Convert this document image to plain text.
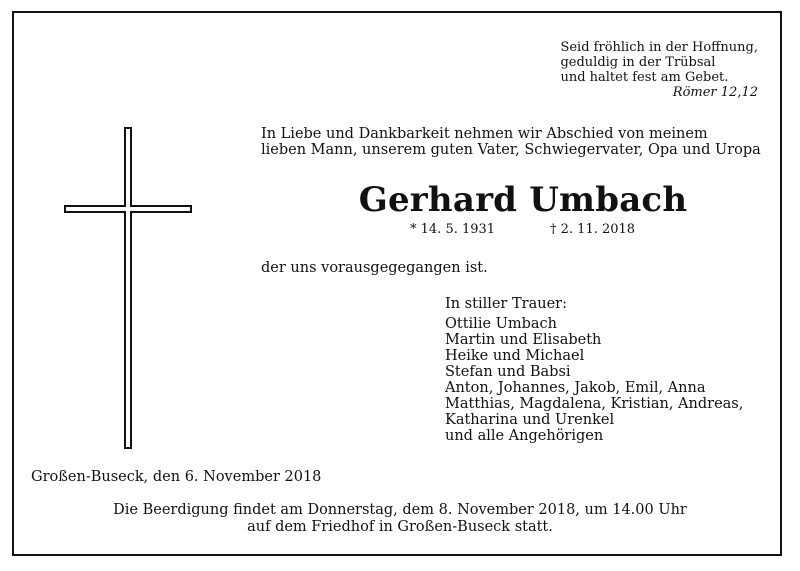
Seid fröhlich in der Hoffnung,
geduldig in der Trübsal
und haltet fest am Gebet.
Römer 12,12
In Liebe und Dankbarkeit nehmen wir Abschied von meinem
lieben Mann, unserem guten Vater, Schwiegervater, Opa und Uropa
Gerhard Umbach
* 14. 5. 1931	† 2. 11. 2018
der uns vorausgegegangen ist.
In stiller Trauer:
Ottilie Umbach
Martin und Elisabeth
Heike und Michael
Stefan und Babsi
Anton, Johannes, Jakob, Emil, Anna
Matthias, Magdalena, Kristian, Andreas,
Katharina und Urenkel
und alle Angehörigen
Großen-Buseck, den 6. November 2018
Die Beerdigung findet am Donnerstag, dem 8. November 2018, um 14.00 Uhr
auf dem Friedhof in Großen-Buseck statt.
